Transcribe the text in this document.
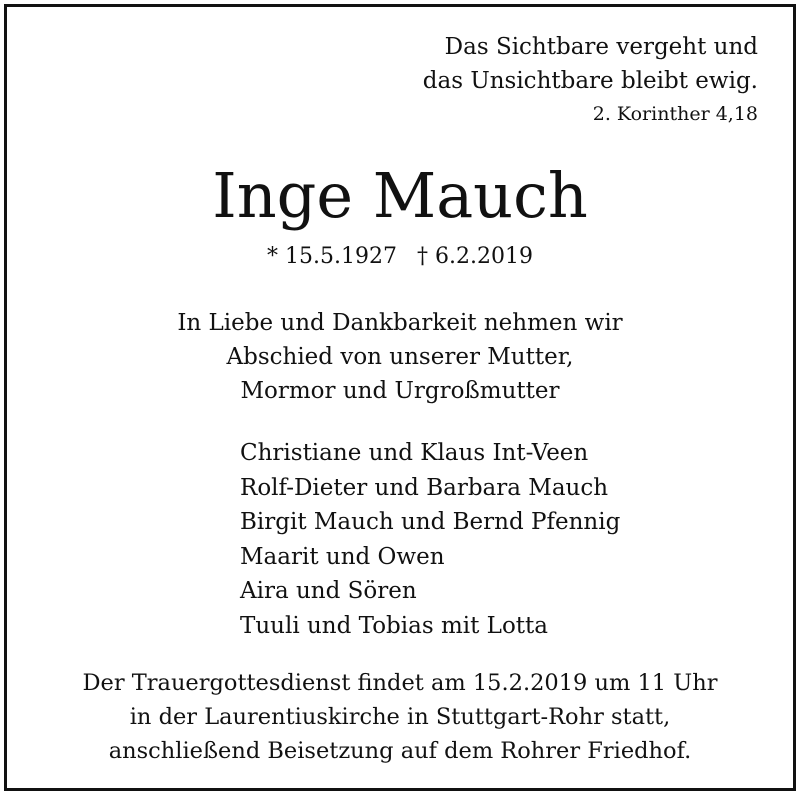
Das Sichtbare vergeht und
das Unsichtbare bleibt ewig.
2. Korinther 4,18
Inge Mauch
* 15.5.1927 † 6.2.2019
In Liebe und Dankbarkeit nehmen wir
Abschied von unserer Mutter,
Mormor und Urgroßmutter
Christiane und Klaus Int-Veen
Rolf-Dieter und Barbara Mauch
Birgit Mauch und Bernd Pfennig
Maarit und Owen
Aira und Sören
Tuuli und Tobias mit Lotta
Der Trauergottesdienst findet am 15.2.2019 um 11 Uhr
in der Laurentiuskirche in Stuttgart-Rohr statt,
anschließend Beisetzung auf dem Rohrer Friedhof.
